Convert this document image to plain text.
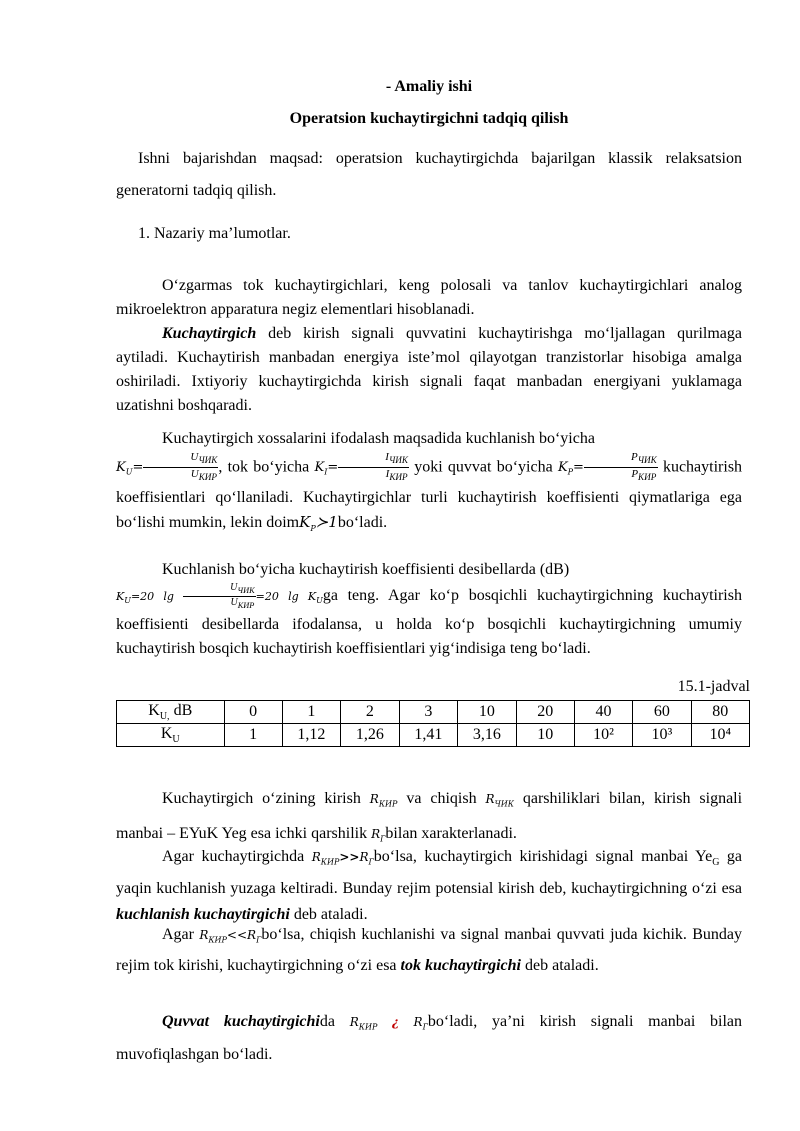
- Amaliy ishi
Operatsion kuchaytirgichni tadqiq qilish

Ishni bajarishdan maqsad: operatsion kuchaytirgichda bajarilgan klassik relaksatsion generatorni tadqiq qilish.

1. Nazariy ma’lumotlar.

O‘zgarmas tok kuchaytirgichlari, keng polosali va tanlov kuchaytirgichlari analog mikroelektron apparatura negiz elementlari hisoblanadi.

Kuchaytirgich deb kirish signali quvvatini kuchaytirishga mo‘ljallagan qurilmaga aytiladi. Kuchaytirish manbadan energiya iste’mol qilayotgan tranzistorlar hisobiga amalga oshiriladi. Ixtiyoriy kuchaytirgichda kirish signali faqat manbadan energiyani yuklamaga uzatishni boshqaradi.

Kuchaytirgich xossalarini ifodalash maqsadida kuchlanish bo‘yicha
$K_U= \frac{U_{ЧИК}}{U_{КИР}}$ , tok bo‘yicha $K_I= \frac{I_{ЧИК}}{I_{КИР}}$ yoki quvvat bo‘yicha $K_P= \frac{P_{ЧИК}}{P_{КИР}}$ kuchaytirish koeffisientlari qo‘llaniladi. Kuchaytirgichlar turli kuchaytirish koeffisienti qiymatlariga ega bo‘lishi mumkin, lekin doimK$_P$≻1bo‘ladi.

Kuchlanish bo‘yicha kuchaytirish koeffisienti desibellarda (dB)
$K_U=20$ $\lg \frac{U_{ЧИК}}{U_{КИР}} =20$ $\lg K_Uga$ teng. Agar ko‘p bosqichli kuchaytirgichning kuchaytirish koeffisienti desibellarda ifodalansa, u holda ko‘p bosqichli kuchaytirgichning umumiy kuchaytirish bosqich kuchaytirish koeffisientlari yig‘indisiga teng bo‘ladi.

15.1-jadval
$K_{U,}$ dB	0	1	2	3	10	20	40	60	80
$K_U$	1	1,12	1,26	1,41	3,16	10	10²	10³	10⁴

Kuchaytirgich o‘zining kirish $R_{КИР}$ va chiqish $R_{ЧИК}$ qarshiliklari bilan, kirish signali manbai – EYuK Yeg esa ichki qarshilik $R_Гbilan$ xarakterlanadi.

Agar kuchaytirgichda $R_{КИР}>>R_Гbo‘lsa$, kuchaytirgich kirishidagi signal manbai $Ye_G$ ga yaqin kuchlanish yuzaga keltiradi. Bunday rejim potensial kirish deb, kuchaytirgichning o‘zi esa kuchlanish kuchaytirgichi deb ataladi.

Agar $R_{КИР}<<R_Гbo‘lsa$, chiqish kuchlanishi va signal manbai quvvati juda kichik. Bunday rejim tok kirishi, kuchaytirgichning o‘zi esa tok kuchaytirgichi deb ataladi.

Quvvat kuchaytirgichida $R_{КИР}$ ¿ $R_Гbo‘ladi$, ya’ni kirish signali manbai bilan muvofiqlashgan bo‘ladi.
